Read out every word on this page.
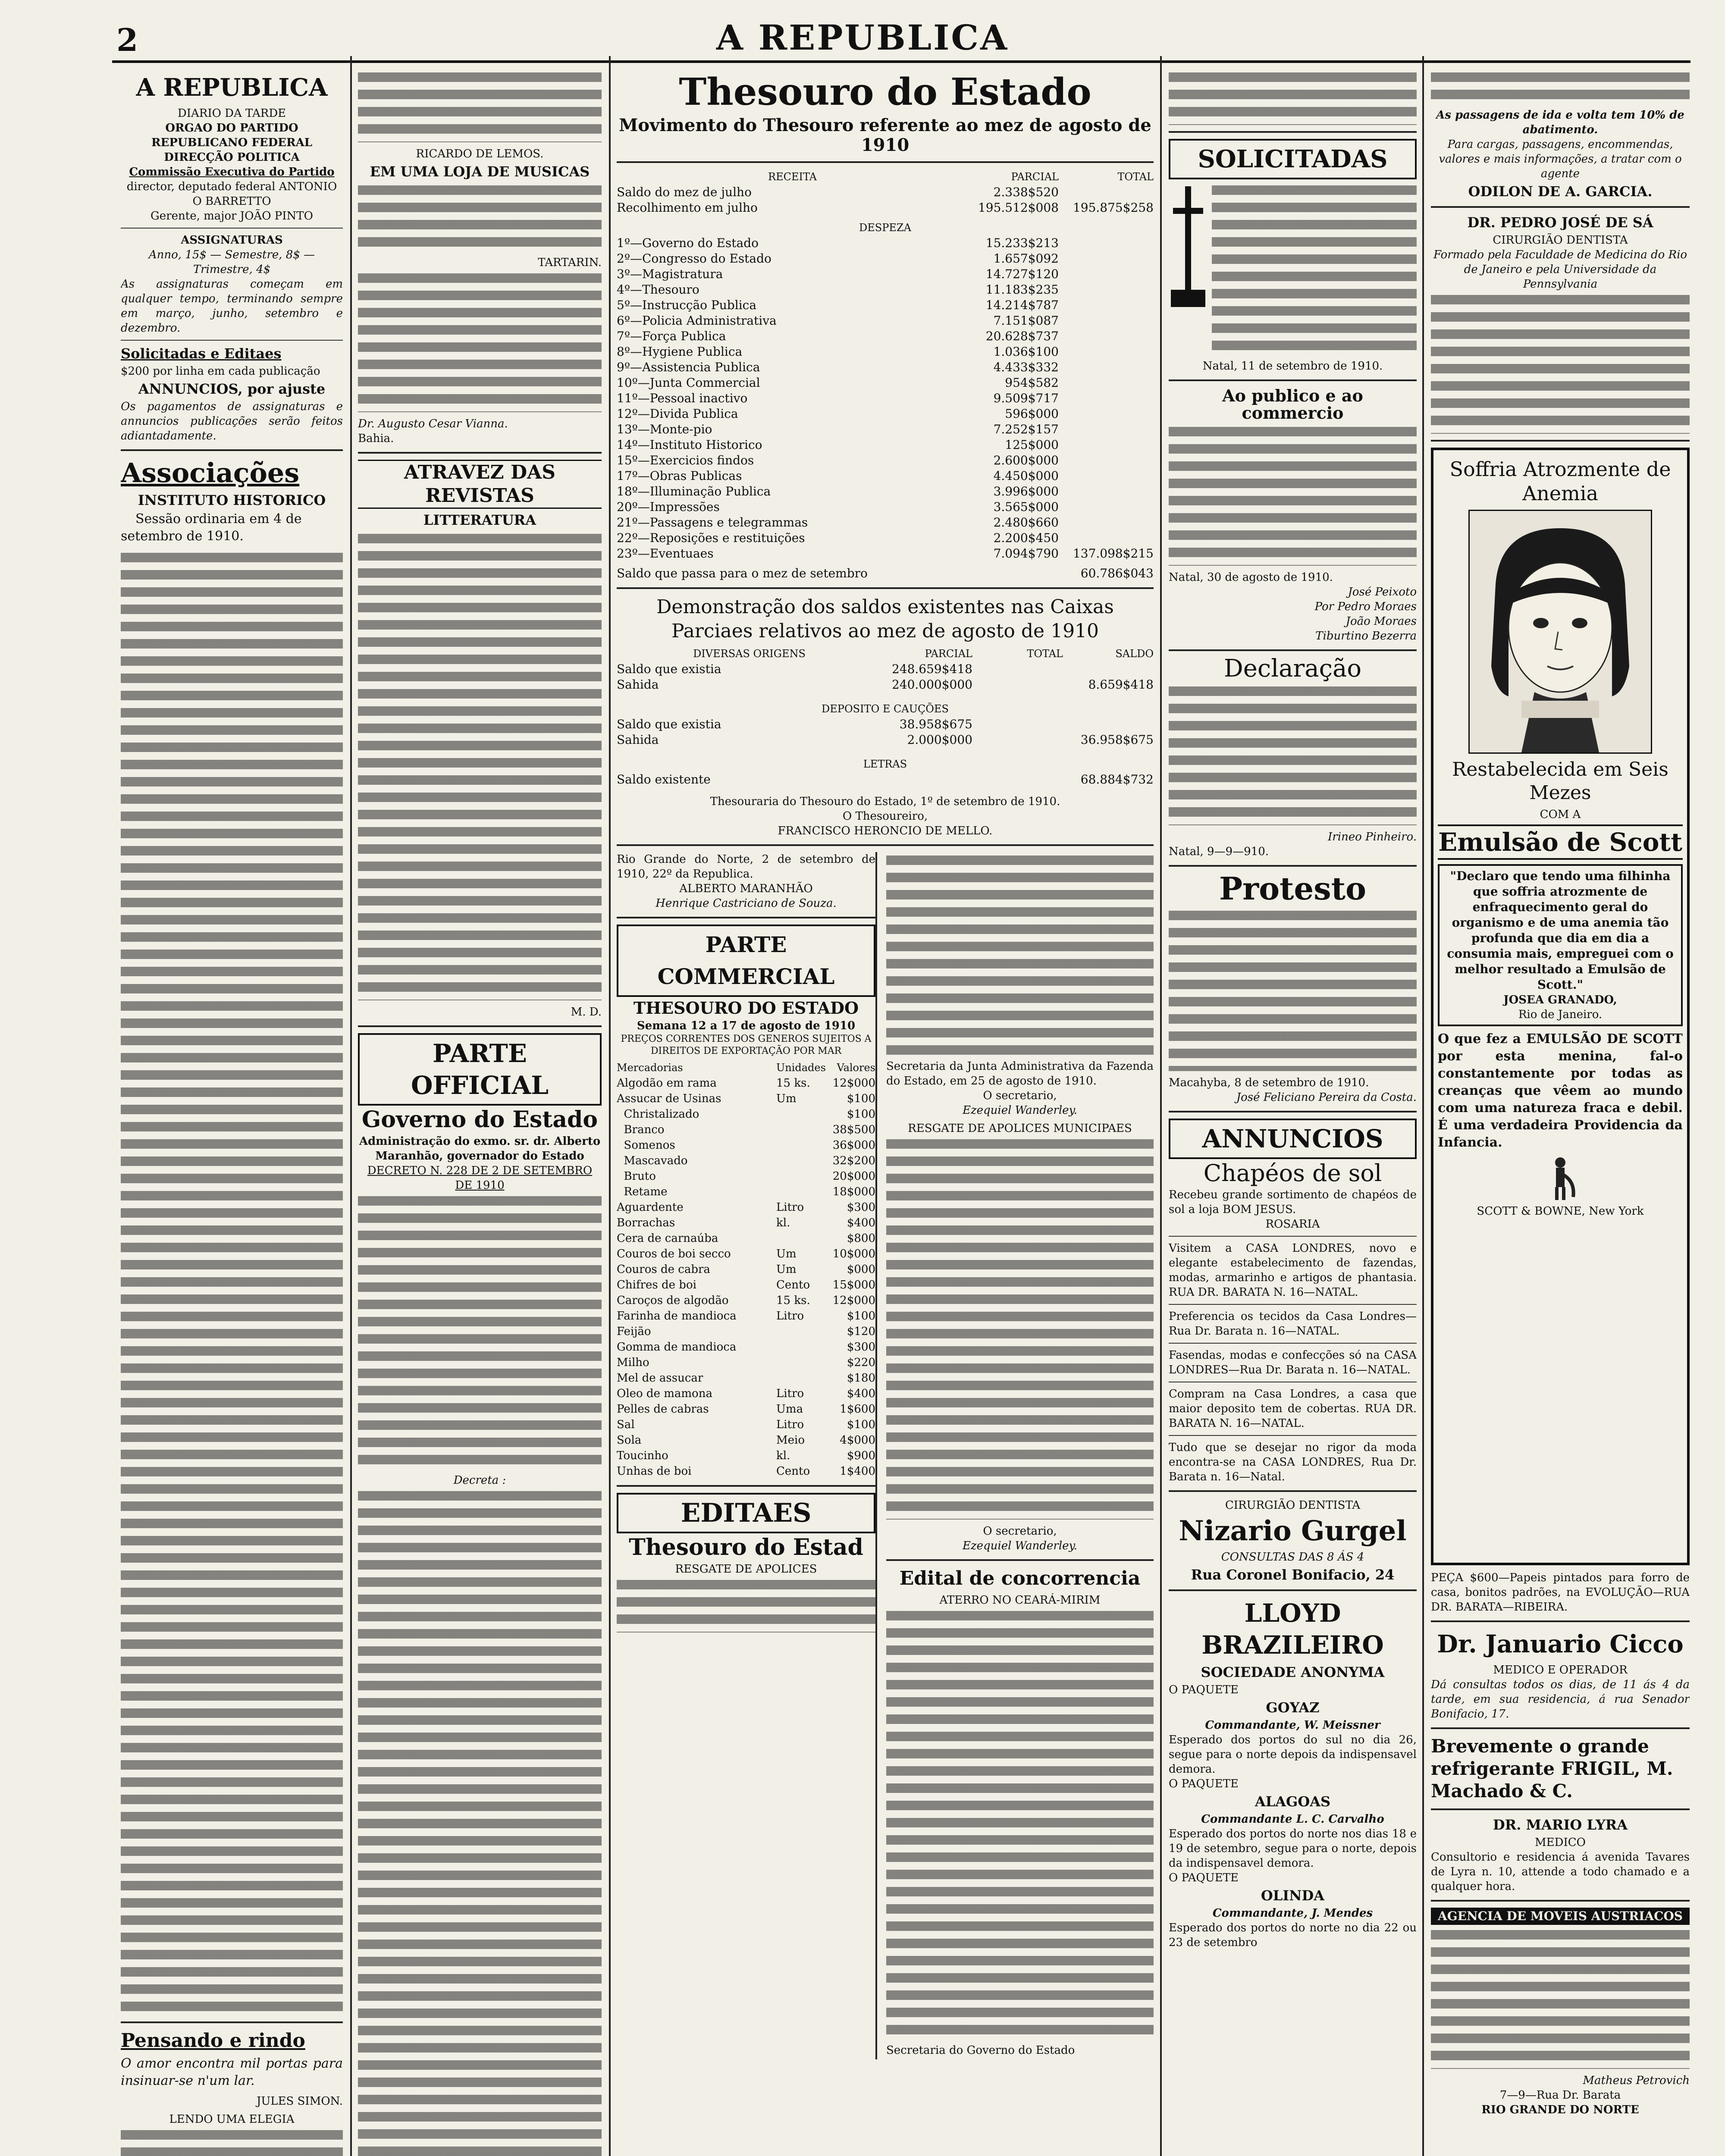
2	A REPUBLICA
A REPUBLICA
DIARIO DA TARDE
ORGAO DO PARTIDO REPUBLICANO FEDERAL
DIRECÇÃO POLITICA
Commissão Executiva do Partido
director, deputado federal ANTONIO O BARRETTO
Gerente, major JOÃO PINTO
ASSIGNATURAS
Anno, 15$ — Semestre, 8$ — Trimestre, 4$
As assignaturas começam em qualquer tempo, terminando sempre em março, junho, setembro e dezembro.
Solicitadas e Editaes
$200 por linha em cada publicação
ANNUNCIOS, por ajuste
Os pagamentos de assignaturas e annuncios publicações serão feitos adiantadamente.
Associações
INSTITUTO HISTORICO
Sessão ordinaria em 4 de setembro de 1910.
Pensando e rindo
O amor encontra mil portas para insinuar-se n'um lar.
JULES SIMON.
LENDO UMA ELEGIA
RICARDO DE LEMOS.
EM UMA LOJA DE MUSICAS
TARTARIN.
Dr. Augusto Cesar Vianna.
Bahia.
ATRAVEZ DAS REVISTAS
LITTERATURA
M. D.
PARTE OFFICIAL
Governo do Estado
Administração do exmo. sr. dr. Alberto Maranhão, governador do Estado
DECRETO N. 228 DE 2 DE SETEMBRO DE 1910
Decreta :
Thesouro do Estado
Movimento do Thesouro referente ao mez de agosto de 1910
RECEITA	PARCIAL	TOTAL
Saldo do mez de julho	2.338$520
Recolhimento em julho	195.512$008	195.875$258
DESPEZA
1º—Governo do Estado	15.233$213
2º—Congresso do Estado	1.657$092
3º—Magistratura	14.727$120
4º—Thesouro	11.183$235
5º—Instrucção Publica	14.214$787
6º—Policia Administrativa	7.151$087
7º—Força Publica	20.628$737
8º—Hygiene Publica	1.036$100
9º—Assistencia Publica	4.433$332
10º—Junta Commercial	954$582
11º—Pessoal inactivo	9.509$717
12º—Divida Publica	596$000
13º—Monte-pio	7.252$157
14º—Instituto Historico	125$000
15º—Exercicios findos	2.600$000
17º—Obras Publicas	4.450$000
18º—Illuminação Publica	3.996$000
20º—Impressões	3.565$000
21º—Passagens e telegrammas	2.480$660
22º—Reposições e restituições	2.200$450
23º—Eventuaes	7.094$790	137.098$215
Saldo que passa para o mez de setembro	60.786$043
Demonstração dos saldos existentes nas Caixas Parciaes relativos ao mez de agosto de 1910
DIVERSAS ORIGENS	PARCIAL	TOTAL	SALDO
Saldo que existia	248.659$418
Sahida	240.000$000	8.659$418
DEPOSITO E CAUÇÕES
Saldo que existia	38.958$675
Sahida	2.000$000	36.958$675
LETRAS
Saldo existente	68.884$732
Thesouraria do Thesouro do Estado, 1º de setembro de 1910.
O Thesoureiro,
FRANCISCO HERONCIO DE MELLO.
Rio Grande do Norte, 2 de setembro de 1910, 22º da Republica.
ALBERTO MARANHÃO
Henrique Castriciano de Souza.
PARTE COMMERCIAL
THESOURO DO ESTADO
Semana 12 a 17 de agosto de 1910
PREÇOS CORRENTES DOS GENEROS SUJEITOS A DIREITOS DE EXPORTAÇÃO POR MAR
Mercadorias	Unidades	Valores
Algodão em rama	15 ks.	12$000
Assucar de Usinas	Um	$100
Christalizado	$100
Branco	38$500
Somenos	36$000
Mascavado	32$200
Bruto	20$000
Retame	18$000
Aguardente	Litro	$300
Borrachas	kl.	$400
Cera de carnaúba	$800
Couros de boi secco	Um	10$000
Couros de cabra	Um	$000
Chifres de boi	Cento	15$000
Caroços de algodão	15 ks.	12$000
Farinha de mandioca	Litro	$100
Feijão	$120
Gomma de mandioca	$300
Milho	$220
Mel de assucar	$180
Oleo de mamona	Litro	$400
Pelles de cabras	Uma	1$600
Sal	Litro	$100
Sola	Meio	4$000
Toucinho	kl.	$900
Unhas de boi	Cento	1$400
EDITAES
Thesouro do Estad
RESGATE DE APOLICES
Secretaria da Junta Administrativa da Fazenda do Estado, em 25 de agosto de 1910.
O secretario,
Ezequiel Wanderley.
RESGATE DE APOLICES MUNICIPAES
O secretario,
Ezequiel Wanderley.
Edital de concorrencia
ATERRO NO CEARÁ-MIRIM
Secretaria do Governo do Estado
SOLICITADAS
Natal, 11 de setembro de 1910.
Ao publico e ao commercio
Natal, 30 de agosto de 1910.
José Peixoto
Por Pedro Moraes
João Moraes
Tiburtino Bezerra
Declaração
Irineo Pinheiro.
Natal, 9—9—910.
Protesto
Macahyba, 8 de setembro de 1910.
José Feliciano Pereira da Costa.
ANNUNCIOS
Chapéos de sol
Recebeu grande sortimento de chapéos de sol a loja BOM JESUS.
ROSARIA
Visitem a CASA LONDRES, novo e elegante estabelecimento de fazendas, modas, armarinho e artigos de phantasia. RUA DR. BARATA N. 16—NATAL.
Preferencia os tecidos da Casa Londres—Rua Dr. Barata n. 16—NATAL.
Fasendas, modas e confecções só na CASA LONDRES—Rua Dr. Barata n. 16—NATAL.
Compram na Casa Londres, a casa que maior deposito tem de cobertas. RUA DR. BARATA N. 16—NATAL.
Tudo que se desejar no rigor da moda encontra-se na CASA LONDRES, Rua Dr. Barata n. 16—Natal.
CIRURGIÃO DENTISTA
Nizario Gurgel
CONSULTAS DAS 8 ÁS 4
Rua Coronel Bonifacio, 24
LLOYD BRAZILEIRO
SOCIEDADE ANONYMA
O PAQUETE
GOYAZ
Commandante, W. Meissner
Esperado dos portos do sul no dia 26, segue para o norte depois da indispensavel demora.
O PAQUETE
ALAGOAS
Commandante L. C. Carvalho
Esperado dos portos do norte nos dias 18 e 19 de setembro, segue para o norte, depois da indispensavel demora.
O PAQUETE
OLINDA
Commandante, J. Mendes
Esperado dos portos do norte no dia 22 ou 23 de setembro
As passagens de ida e volta tem 10% de abatimento.
Para cargas, passagens, encommendas, valores e mais informações, a tratar com o agente
ODILON DE A. GARCIA.
DR. PEDRO JOSÉ DE SÁ
CIRURGIÃO DENTISTA
Formado pela Faculdade de Medicina do Rio de Janeiro e pela Universidade da Pennsylvania
Soffria Atrozmente de Anemia
Restabelecida em Seis Mezes
COM A
Emulsão de Scott
"Declaro que tendo uma filhinha que soffria atrozmente de enfraquecimento geral do organismo e de uma anemia tão profunda que dia em dia a consumia mais, empreguei com o melhor resultado a Emulsão de Scott."
JOSEA GRANADO,
Rio de Janeiro.
O que fez a EMULSÃO DE SCOTT por esta menina, fal-o constantemente por todas as creanças que vêem ao mundo com uma natureza fraca e debil. É uma verdadeira Providencia da Infancia.
SCOTT & BOWNE, New York
PEÇA $600—Papeis pintados para forro de casa, bonitos padrões, na EVOLUÇÃO—RUA DR. BARATA—RIBEIRA.
Dr. Januario Cicco
MEDICO E OPERADOR
Dá consultas todos os dias, de 11 ás 4 da tarde, em sua residencia, á rua Senador Bonifacio, 17.
Brevemente o grande refrigerante FRIGIL, M. Machado & C.
DR. MARIO LYRA
MEDICO
Consultorio e residencia á avenida Tavares de Lyra n. 10, attende a todo chamado e a qualquer hora.
AGENCIA DE MOVEIS AUSTRIACOS
Matheus Petrovich
7—9—Rua Dr. Barata
RIO GRANDE DO NORTE
